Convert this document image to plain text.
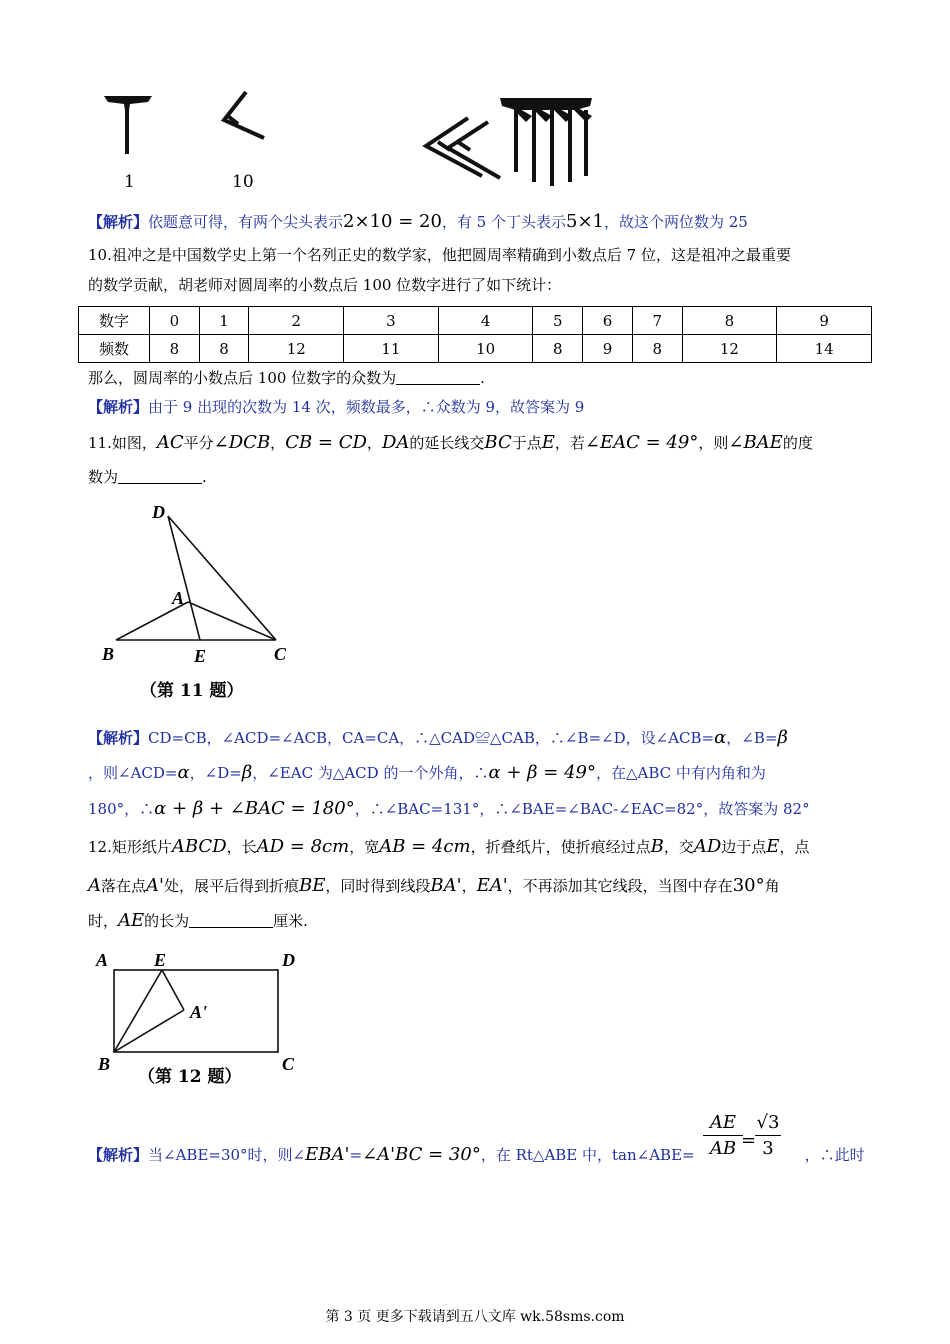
1	10
【解析】依题意可得，有两个尖头表示2×10 = 20，有 5 个丁头表示5×1，故这个两位数为 25
10.祖冲之是中国数学史上第一个名列正史的数学家，他把圆周率精确到小数点后 7 位，这是祖冲之最重要
的数学贡献，胡老师对圆周率的小数点后 100 位数字进行了如下统计：
数字	0	1	2	3	4	5	6	7	8	9
频数	8	8	12	11	10	8	9	8	12	14
那么，圆周率的小数点后 100 位数字的众数为	.
【解析】由于 9 出现的次数为 14 次，频数最多，∴众数为 9，故答案为 9
11.如图，AC平分∠DCB，CB = CD，DA的延长线交BC于点E，若∠EAC = 49°，则∠BAE的度
数为	.
D
A
B	E	C
（第 11 题）
【解析】CD=CB，∠ACD=∠ACB，CA=CA，∴△CAD≌△CAB，∴∠B=∠D，设∠ACB=α，∠B=β
，则∠ACD=α，∠D=β，∠EAC 为△ACD 的一个外角，∴α + β = 49°，在△ABC 中有内角和为
180°，∴α + β + ∠BAC = 180°，∴∠BAC=131°，∴∠BAE=∠BAC-∠EAC=82°，故答案为 82°
12.矩形纸片ABCD，长AD = 8cm，宽AB = 4cm，折叠纸片，使折痕经过点B，交AD边于点E，点
A落在点A'处，展平后得到折痕BE，同时得到线段BA'，EA'，不再添加其它线段，当图中存在30°角
时，AE的长为	厘米.
A	E	D
A'
B	C
（第 12 题）
【解析】当∠ABE=30°时，则∠EBA'=∠A'BC = 30°，在 Rt△ABE 中，tan∠ABE=	，∴此时
AE
AB =
√3
3
第 3 页 更多下载请到五八文库 wk.58sms.com
